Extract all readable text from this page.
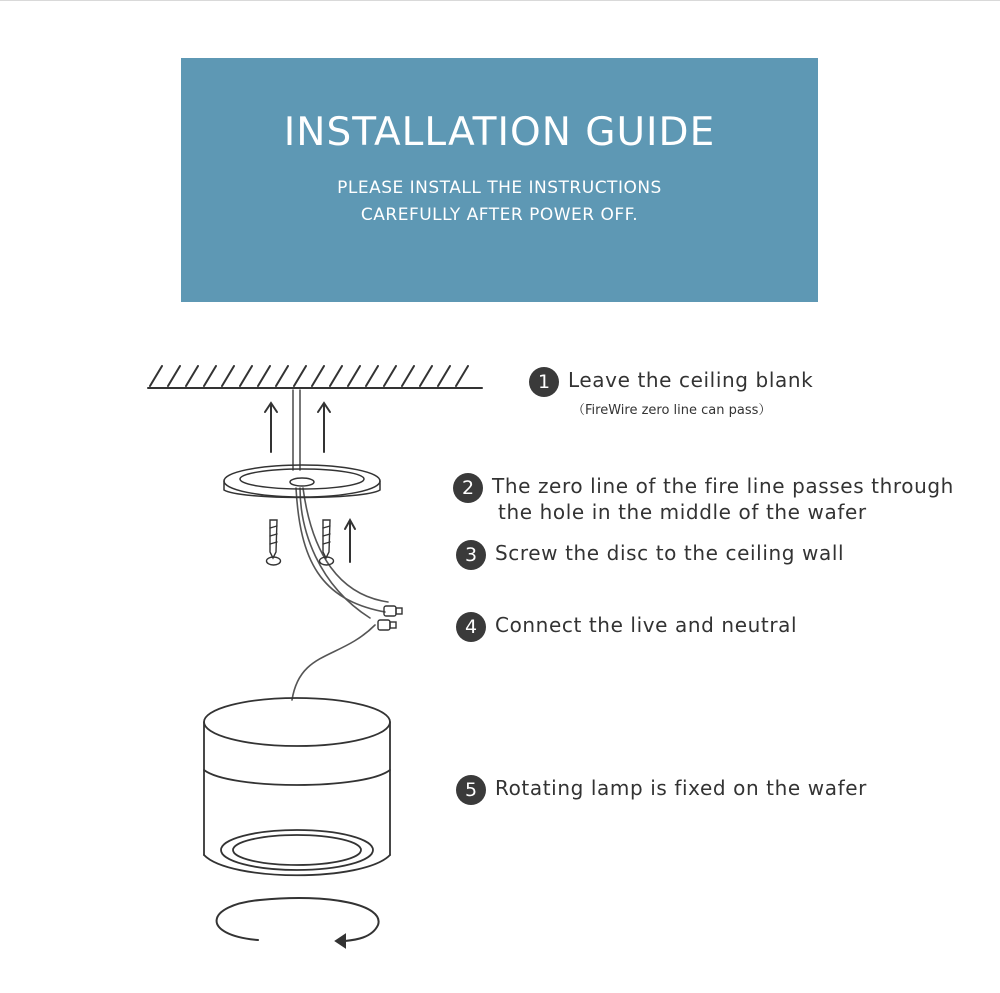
INSTALLATION GUIDE
PLEASE INSTALL THE INSTRUCTIONS
CAREFULLY AFTER POWER OFF.
1 Leave the ceiling blank
（FireWire zero line can pass）
2 The zero line of the fire line passes through
the hole in the middle of the wafer
3 Screw the disc to the ceiling wall
4 Connect the live and neutral
5 Rotating lamp is fixed on the wafer
